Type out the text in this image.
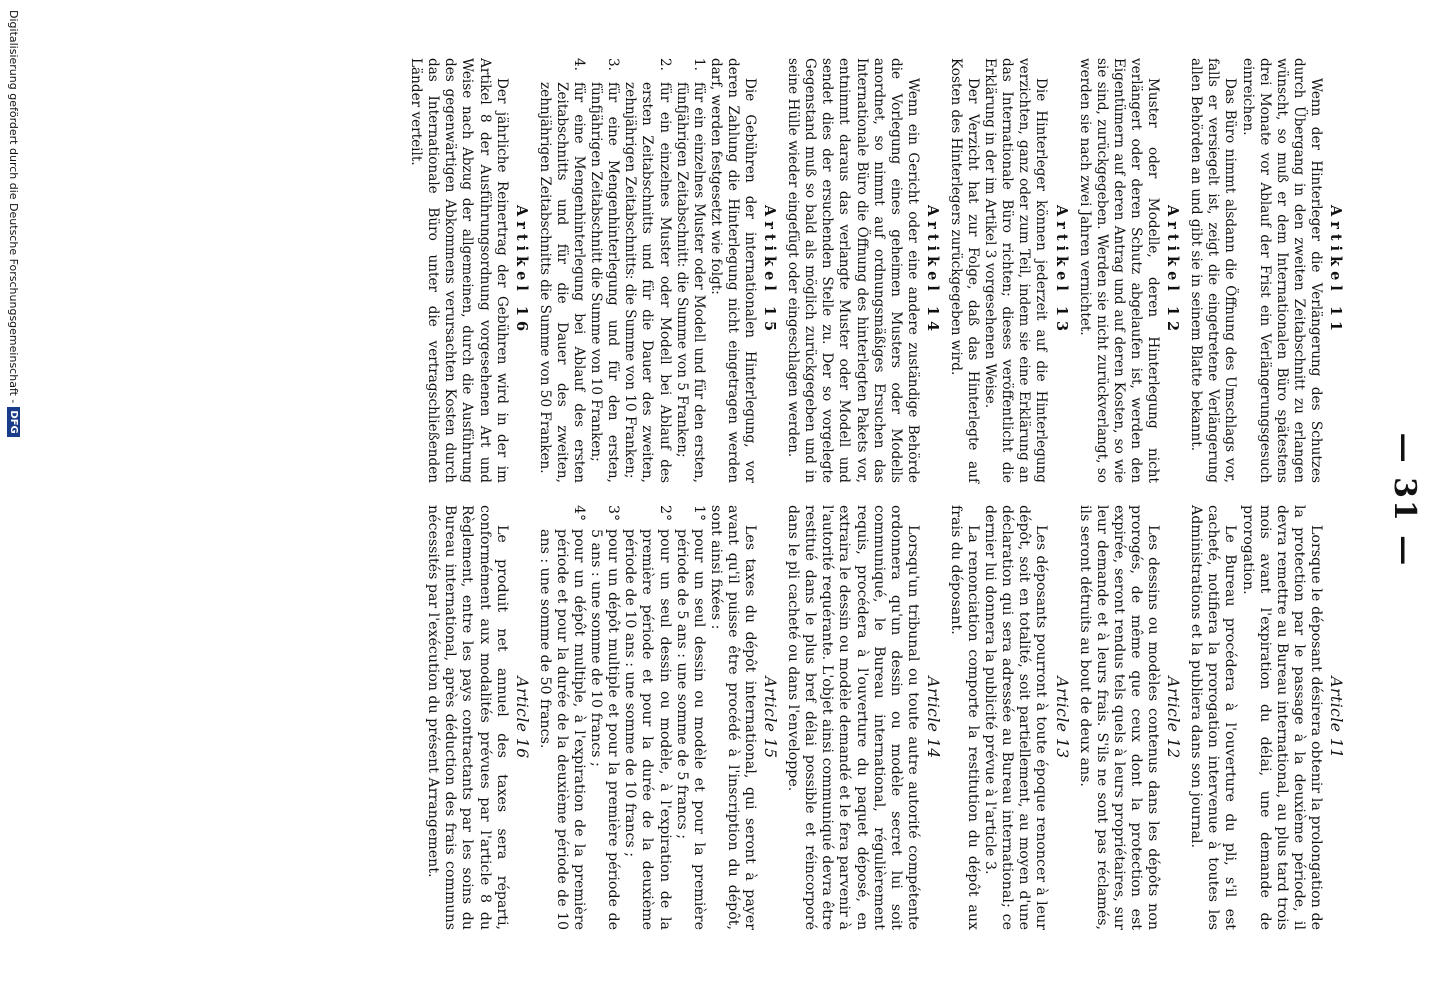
— 31 —
Article 11

Lorsque le déposant désirera obtenir la prolongation de la protection par le passage à la deuxième période, il devra remettre au Bureau international, au plus tard trois mois avant l'expiration du délai, une demande de prorogation.

Le Bureau procédera à l'ouverture du pli, s'il est cacheté, notifiera la prorogation intervenue à toutes les Administrations et la publiera dans son journal.

Article 12

Les dessins ou modèles contenus dans les dépôts non prorogés, de même que ceux dont la protection est expirée, seront rendus tels quels à leurs propriétaires, sur leur demande et à leurs frais. S'ils ne sont pas réclamés, ils seront détruits au bout de deux ans.

Article 13

Les déposants pourront à toute époque renoncer à leur dépôt, soit en totalité, soit partiellement, au moyen d'une déclaration qui sera adressée au Bureau international; ce dernier lui donnera la publicité prévue à l'article 3.

La renonciation comporte la restitution du dépôt aux frais du déposant.

Article 14

Lorsqu'un tribunal ou toute autre autorité compétente ordonnera qu'un dessin ou modèle secret lui soit communiqué, le Bureau international, régulièrement requis, procédera à l'ouverture du paquet déposé, en extraira le dessin ou modèle demandé et le fera parvenir à l'autorité requérante. L'objet ainsi communiqué devra être restitué dans le plus bref délai possible et réincorporé dans le pli cacheté ou dans l'enveloppe.

Article 15

Les taxes du dépôt international, qui seront à payer avant qu'il puisse être procédé à l'inscription du dépôt, sont ainsi fixées :

1°
pour un seul dessin ou modèle et pour la première période de 5 ans : une somme de 5 francs ;
2°
pour un seul dessin ou modèle, à l'expiration de la première période et pour la durée de la deuxième période de 10 ans : une somme de 10 francs ;
3°
pour un dépôt multiple et pour la première période de 5 ans : une somme de 10 francs ;
4°
pour un dépôt multiple, à l'expiration de la première période et pour la durée de la deuxième période de 10 ans : une somme de 50 francs.
Article 16

Le produit net annuel des taxes sera réparti, conformément aux modalités prévues par l'article 8 du Règlement, entre les pays contractants par les soins du Bureau international, après déduction des frais communs nécessités par l'exécution du présent Arrangement.

Artikel 11

Wenn der Hinterleger die Verlängerung des Schutzes durch Übergang in den zweiten Zeitabschnitt zu erlangen wünscht, so muß er dem Internationalen Büro spätestens drei Monate vor Ablauf der Frist ein Verlängerungsgesuch einreichen.

Das Büro nimmt alsdann die Öffnung des Umschlags vor, falls er versiegelt ist, zeigt die eingetretene Verlängerung allen Behörden an und gibt sie in seinem Blatte bekannt.

Artikel 12

Muster oder Modelle, deren Hinterlegung nicht verlängert oder deren Schutz abgelaufen ist, werden den Eigentümern auf deren Antrag und auf deren Kosten, so wie sie sind, zurückgegeben. Werden sie nicht zurückverlangt, so werden sie nach zwei Jahren vernichtet.

Artikel 13

Die Hinterleger können jederzeit auf die Hinterlegung verzichten, ganz oder zum Teil, indem sie eine Erklärung an das Internationale Büro richten; dieses veröffentlicht die Erklärung in der im Artikel 3 vorgesehenen Weise.

Der Verzicht hat zur Folge, daß das Hinterlegte auf Kosten des Hinterlegers zurückgegeben wird.

Artikel 14

Wenn ein Gericht oder eine andere zuständige Behörde die Vorlegung eines geheimen Musters oder Modells anordnet, so nimmt auf ordnungsmäßiges Ersuchen das Internationale Büro die Öffnung des hinterlegten Pakets vor, entnimmt daraus das verlangte Muster oder Modell und sendet dies der ersuchenden Stelle zu. Der so vorgelegte Gegenstand muß so bald als möglich zurückgegeben und in seine Hülle wieder eingefügt oder eingeschlagen werden.

Artikel 15

Die Gebühren der internationalen Hinterlegung, vor deren Zahlung die Hinterlegung nicht eingetragen werden darf, werden festgesetzt wie folgt:

1.
für ein einzelnes Muster oder Modell und für den ersten, fünfjährigen Zeitabschnitt: die Summe von 5 Franken;
2.
für ein einzelnes Muster oder Modell bei Ablauf des ersten Zeitabschnitts und für die Dauer des zweiten, zehnjährigen Zeitabschnitts: die Summe von 10 Franken;
3.
für eine Mengenhinterlegung und für den ersten, fünfjährigen Zeitabschnitt die Summe von 10 Franken;
4.
für eine Mengenhinterlegung bei Ablauf des ersten Zeitabschnitts und für die Dauer des zweiten, zehnjährigen Zeitabschnitts die Summe von 50 Franken.
Artikel 16

Der jährliche Reinertrag der Gebühren wird in der im Artikel 8 der Ausführungsordnung vorgesehenen Art und Weise nach Abzug der allgemeinen, durch die Ausführung des gegenwärtigen Abkommens verursachten Kosten durch das Internationale Büro unter die vertragschließenden Länder verteilt.

Digitalisierung gefördert durch die Deutsche Forschungsgemeinschaft -
DFG
